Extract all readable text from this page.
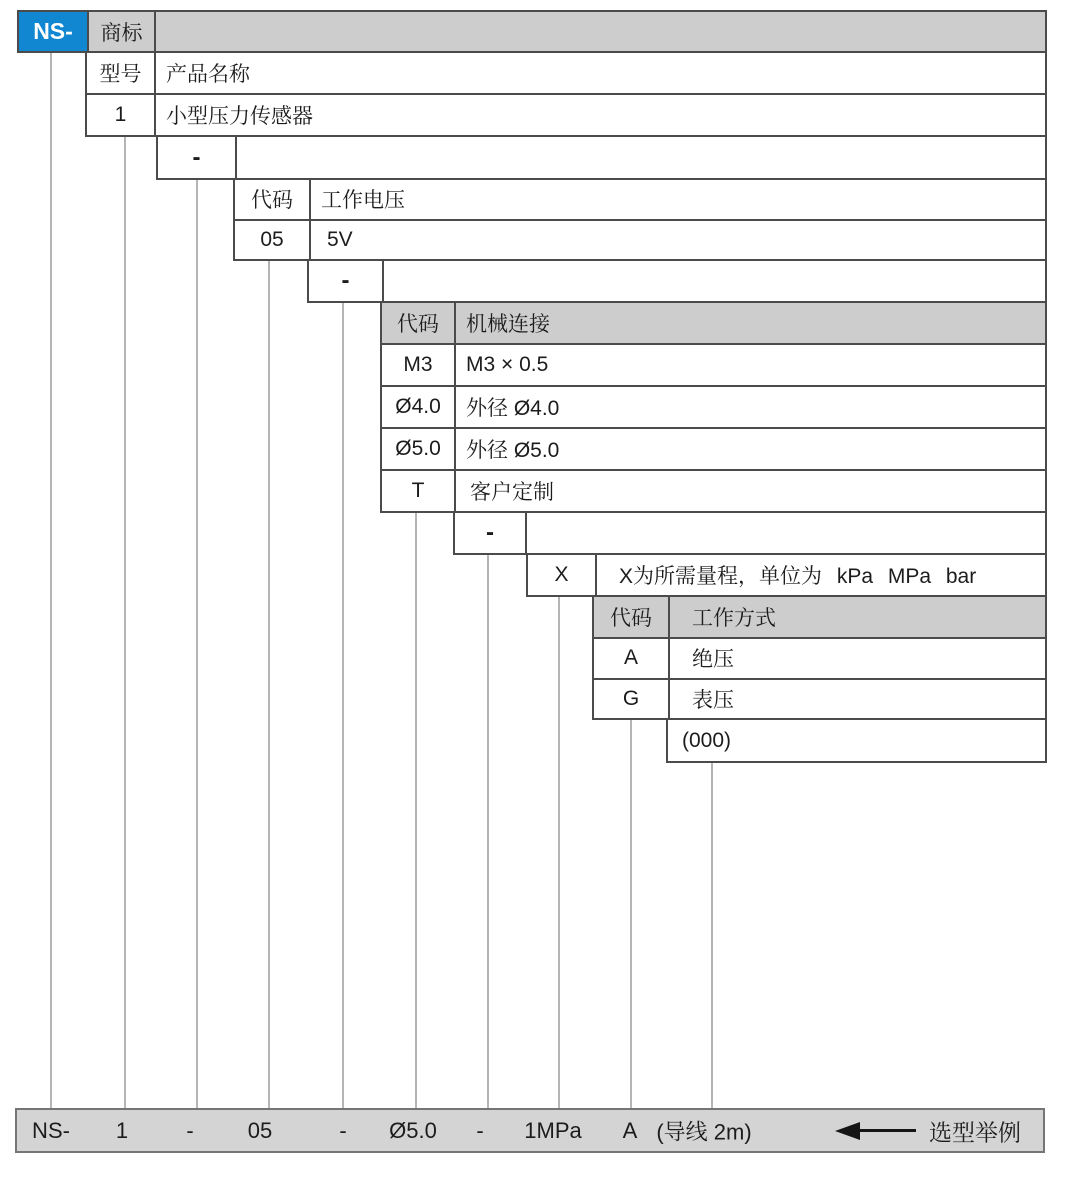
NS-	商标
型号	产品名称
1	小型压力传感器
-
代码	工作电压
05	5V
-
代码	机械连接
M3	M3 × 0.5
Ø4.0	外径 Ø4.0
Ø5.0	外径 Ø5.0
T	客户定制
-
X	X为所需量程，单位为 kPa MPa bar
代码	工作方式
A	绝压
G	表压
(000)
NS- 1	- 05	- Ø5.0 - 1MPa A (导线 2m)	选型举例
